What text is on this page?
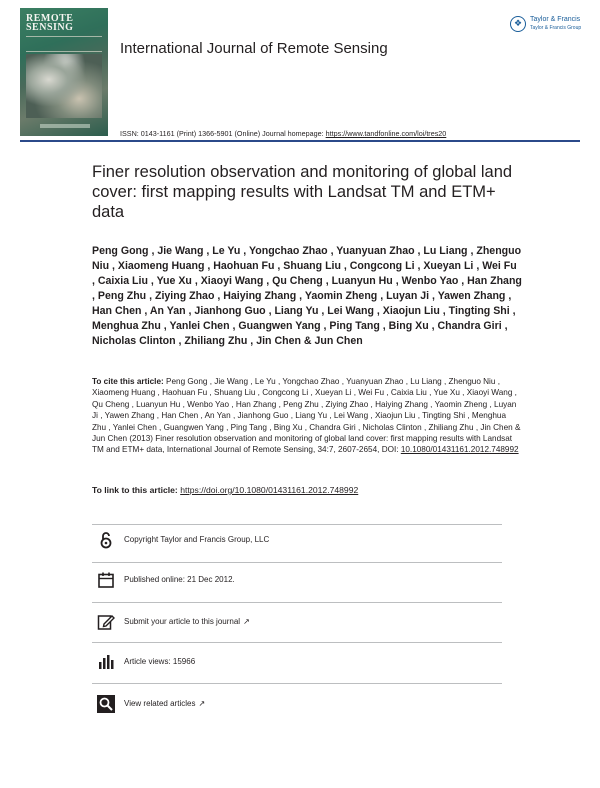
REMOTE
SENSING
International Journal of Remote Sensing
❖	Taylor & Francis
Taylor & Francis Group
ISSN: 0143-1161 (Print) 1366-5901 (Online) Journal homepage: https://www.tandfonline.com/loi/tres20
Finer resolution observation and monitoring of global land cover: first mapping results with Landsat TM and ETM+ data
Peng Gong , Jie Wang , Le Yu , Yongchao Zhao , Yuanyuan Zhao , Lu Liang , Zhenguo Niu , Xiaomeng Huang , Haohuan Fu , Shuang Liu , Congcong Li , Xueyan Li , Wei Fu , Caixia Liu , Yue Xu , Xiaoyi Wang , Qu Cheng , Luanyun Hu , Wenbo Yao , Han Zhang , Peng Zhu , Ziying Zhao , Haiying Zhang , Yaomin Zheng , Luyan Ji , Yawen Zhang , Han Chen , An Yan , Jianhong Guo , Liang Yu , Lei Wang , Xiaojun Liu , Tingting Shi , Menghua Zhu , Yanlei Chen , Guangwen Yang , Ping Tang , Bing Xu , Chandra Giri , Nicholas Clinton , Zhiliang Zhu , Jin Chen & Jun Chen
To cite this article: Peng Gong , Jie Wang , Le Yu , Yongchao Zhao , Yuanyuan Zhao , Lu Liang , Zhenguo Niu , Xiaomeng Huang , Haohuan Fu , Shuang Liu , Congcong Li , Xueyan Li , Wei Fu , Caixia Liu , Yue Xu , Xiaoyi Wang , Qu Cheng , Luanyun Hu , Wenbo Yao , Han Zhang , Peng Zhu , Ziying Zhao , Haiying Zhang , Yaomin Zheng , Luyan Ji , Yawen Zhang , Han Chen , An Yan , Jianhong Guo , Liang Yu , Lei Wang , Xiaojun Liu , Tingting Shi , Menghua Zhu , Yanlei Chen , Guangwen Yang , Ping Tang , Bing Xu , Chandra Giri , Nicholas Clinton , Zhiliang Zhu , Jin Chen & Jun Chen (2013) Finer resolution observation and monitoring of global land cover: first mapping results with Landsat TM and ETM+ data, International Journal of Remote Sensing, 34:7, 2607-2654, DOI: 10.1080/01431161.2012.748992
To link to this article: https://doi.org/10.1080/01431161.2012.748992
Copyright Taylor and Francis Group, LLC
Published online: 21 Dec 2012.
Submit your article to this journal ↗
Article views: 15966
View related articles ↗
